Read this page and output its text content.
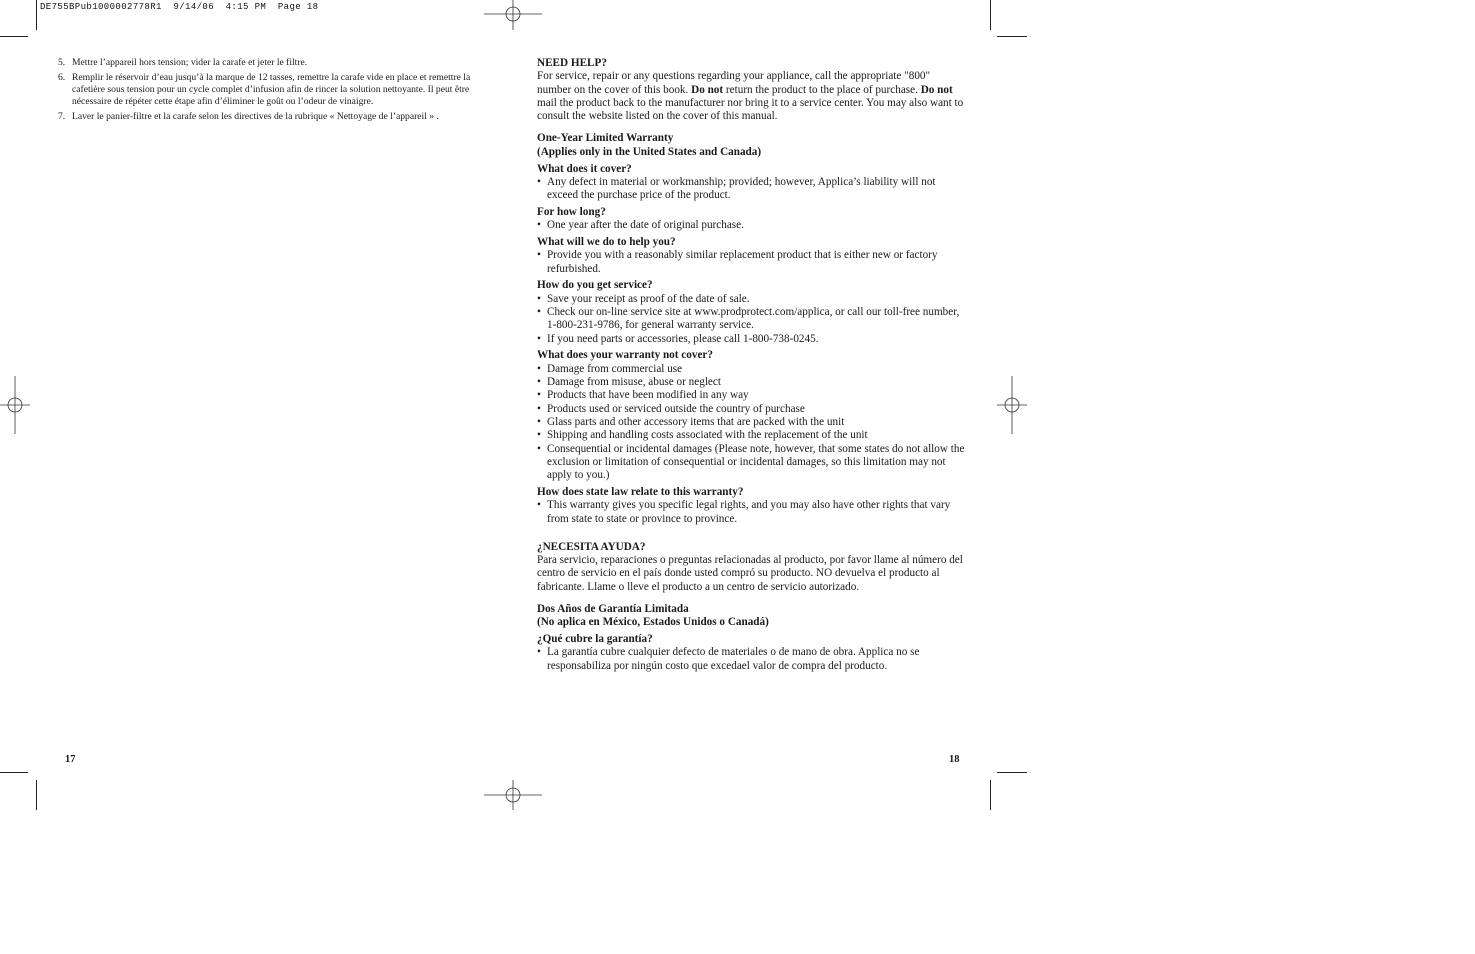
DE755BPub1000002778R1  9/14/06  4:15 PM  Page 18
5. Mettre l’appareil hors tension; vider la carafe et jeter le filtre.
6. Remplir le réservoir d’eau jusqu’à la marque de 12 tasses, remettre la carafe vide en place et remettre la cafetière sous tension pour un cycle complet d’infusion afin de rincer la solution nettoyante. Il peut être nécessaire de répéter cette étape afin d’éliminer le goût ou l’odeur de vinaigre.
7. Laver le panier-filtre et la carafe selon les directives de la rubrique « Nettoyage de l’appareil » .
17

NEED HELP?

For service, repair or any questions regarding your appliance, call the appropriate "800" number on the cover of this book. Do not return the product to the place of purchase. Do not mail the product back to the manufacturer nor bring it to a service center. You may also want to consult the website listed on the cover of this manual.

One-Year Limited Warranty

(Applies only in the United States and Canada)

What does it cover?

• Any defect in material or workmanship; provided; however, Applica’s liability will not exceed the purchase price of the product.

For how long?

• One year after the date of original purchase.

What will we do to help you?

• Provide you with a reasonably similar replacement product that is either new or factory refurbished.

How do you get service?

• Save your receipt as proof of the date of sale.
• Check our on-line service site at www.prodprotect.com/applica, or call our toll-free number, 1-800-231-9786, for general warranty service.
• If you need parts or accessories, please call 1-800-738-0245.

What does your warranty not cover?

• Damage from commercial use
• Damage from misuse, abuse or neglect
• Products that have been modified in any way
• Products used or serviced outside the country of purchase
• Glass parts and other accessory items that are packed with the unit
• Shipping and handling costs associated with the replacement of the unit
• Consequential or incidental damages (Please note, however, that some states do not allow the exclusion or limitation of consequential or incidental damages, so this limitation may not apply to you.)

How does state law relate to this warranty?

• This warranty gives you specific legal rights, and you may also have other rights that vary from state to state or province to province.

¿NECESITA AYUDA?

Para servicio, reparaciones o preguntas relacionadas al producto, por favor llame al número del centro de servicio en el país donde usted compró su producto. NO devuelva el producto al fabricante. Llame o lleve el producto a un centro de servicio autorizado.

Dos Años de Garantía Limitada

(No aplica en México, Estados Unidos o Canadá)

¿Qué cubre la garantía?

• La garantía cubre cualquier defecto de materiales o de mano de obra. Applica no se responsabiliza por ningún costo que excedael valor de compra del producto.
18
